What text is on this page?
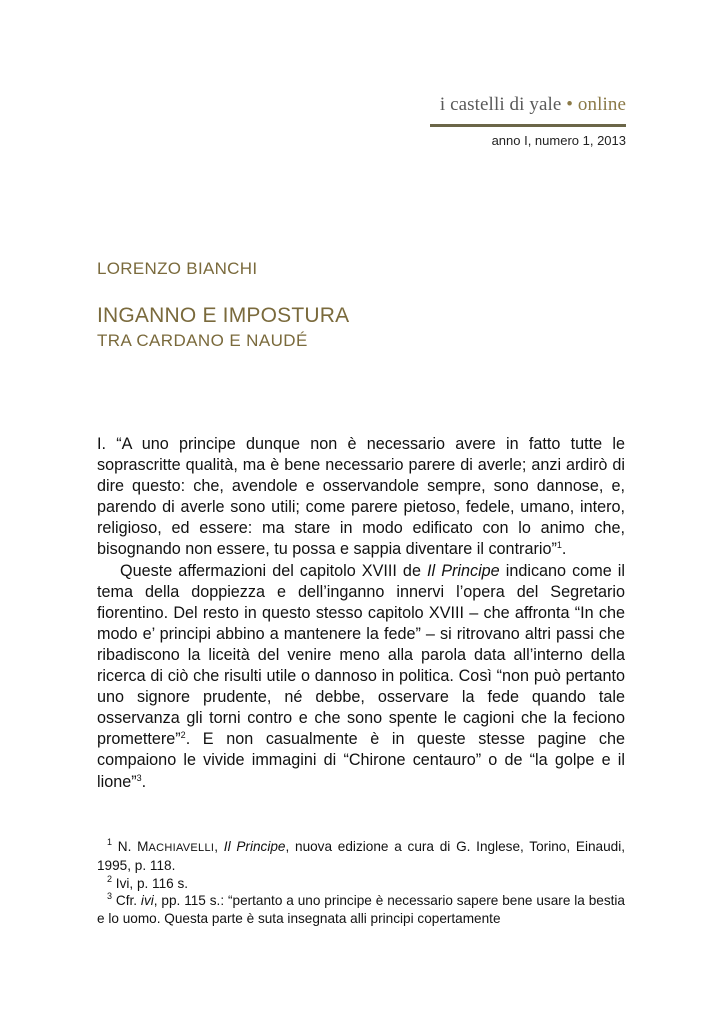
i castelli di yale • online
anno I, numero 1, 2013
LORENZO BIANCHI
INGANNO E IMPOSTURA
TRA CARDANO E NAUDÉ

I. “A uno principe dunque non è necessario avere in fatto tutte le soprascritte qualità, ma è bene necessario parere di averle; anzi ardirò di dire questo: che, avendole e osservandole sempre, sono dannose, e, parendo di averle sono utili; come parere pietoso, fedele, umano, intero, religioso, ed essere: ma stare in modo edificato con lo animo che, bisognando non essere, tu possa e sappia diventare il contrario”$^1$.

Queste affermazioni del capitolo XVIII de Il Principe indicano come il tema della doppiezza e dell’inganno innervi l’opera del Segretario fiorentino. Del resto in questo stesso capitolo XVIII – che affronta “In che modo e’ principi abbino a mantenere la fede” – si ritrovano altri passi che ribadiscono la liceità del venire meno alla parola data all’interno della ricerca di ciò che risulti utile o dannoso in politica. Così “non può pertanto uno signore prudente, né debbe, osservare la fede quando tale osservanza gli torni contro e che sono spente le cagioni che la feciono promettere”$^2$. E non casualmente è in queste stesse pagine che compaiono le vivide immagini di “Chirone centauro” o de “la golpe e il lione”$^3$.

$^1$ N. MACHIAVELLI, Il Principe, nuova edizione a cura di G. Inglese, Torino, Einaudi, 1995, p. 118.

$^2$ Ivi, p. 116 s.

$^3$ Cfr. ivi, pp. 115 s.: “pertanto a uno principe è necessario sapere bene usare la bestia e lo uomo. Questa parte è suta insegnata alli principi copertamente
